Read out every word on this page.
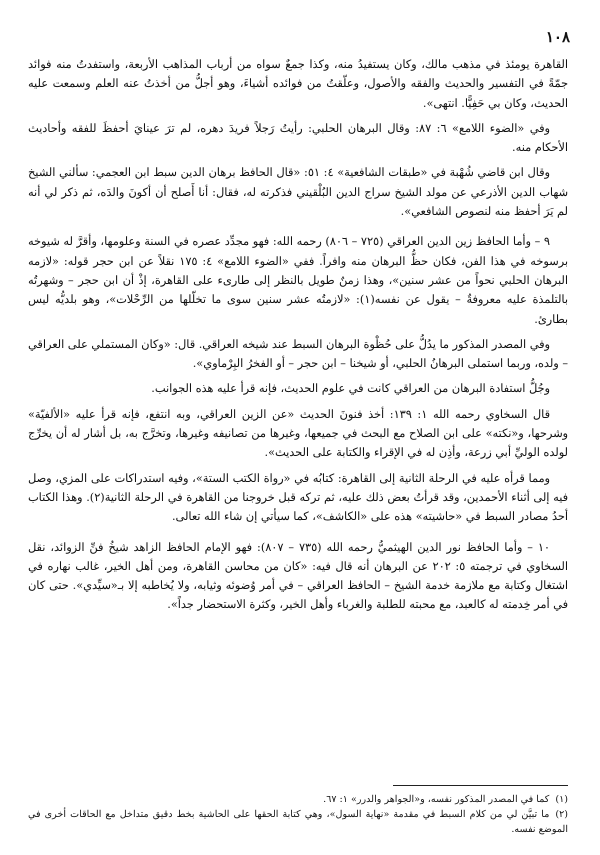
١٠٨

القاهرة يومئذ في مذهب مالك، وكان يستفيدُ منه، وكذا جمعٌ سواه من أرباب المذاهب الأربعة، واستفدتُ منه فوائد جمّةً في التفسير والحديث والفقه والأصول، وعلّقتُ من فوائده أشياءَ، وهو أجلُّ من أخذتُ عنه العلم وسمعت عليه الحديث، وكان بي حَفِيًّا. انتهى».

وفي «الضوء اللامع» ٦: ٨٧: وقال البرهان الحلبي: رأيتُ رَجلاً فريدَ دهره، لم ترَ عينايَ أحفظَ للفقه وأحاديث الأحكام منه.

وقال ابن قاضي شُهْبة في «طبقات الشافعية» ٤: ٥١: «قال الحافظ برهان الدين سبط ابن العجمي: سألني الشيخ شهاب الدين الأذرعي عن مولد الشيخ سراج الدين البُلْقيني فذكرته له، فقال: أنا أَصلح أن أكونَ والدَه، ثم ذكر لي أنه لم يَرَ أحفظ منه لنصوص الشافعي».

٩ – وأما الحافظ زين الدين العراقي (٧٢٥ – ٨٠٦) رحمه الله: فهو مجدِّد عصره في السنة وعلومها، وأقرَّ له شيوخه برسوخه في هذا الفن، فكان حظُّ البرهان منه وافراً. ففي «الضوء اللامع» ٤: ١٧٥ نقلاً عن ابن حجر قوله: «لازمه البرهان الحلبي نحواً من عشر سنين»، وهذا زمنٌ طويل بالنظر إلى طارىء على القاهرة، إذْ أن ابن حجر – وشهرتُه بالتلمذة عليه معروفةٌ – يقول عن نفسه(١): «لازمتُه عشر سنين سوى ما تخلّلها من الرِّحْلات»، وهو بلديُّه ليس بطارئ.

وفي المصدر المذكور ما يدُلُّ على حُظْوة البرهان السبط عند شيخه العراقي. قال: «وكان المستملي على العراقي – ولده، وربما استملى البرهانُ الحلبي، أو شيخنا – ابن حجر – أو الفخرُ البِرْماوي».

وجُلُّ استفادة البرهان من العراقي كانت في علوم الحديث، فإنه قرأ عليه هذه الجوانب.

قال السخاوي رحمه الله ١: ١٣٩: أخذ فنونَ الحديث «عن الزين العراقي، وبه انتفع، فإنه قرأ عليه «الألفيّة» وشرحها، و«نكته» على ابن الصلاح مع البحث في جميعها، وغيرها من تصانيفه وغيرها، وتخرَّج به، بل أشار له أن يخرِّج لولده الوليِّ أبي زرعة، وأذِن له في الإقراء والكتابة على الحديث».

ومما قرأه عليه في الرحلة الثانية إلى القاهرة: كتابُه في «رواة الكتب الستة»، وفيه استدراكات على المزي، وصل فيه إلى أثناء الأحمدين، وقد قرأتُ بعض ذلك عليه، ثم تركه قبل خروجنا من القاهرة في الرحلة الثانية(٢). وهذا الكتاب أحدُ مصادر السبط في «حاشيته» هذه على «الكاشف»، كما سيأتي إن شاء الله تعالى.

١٠ – وأما الحافظ نور الدين الهيثميُّ رحمه الله (٧٣٥ – ٨٠٧): فهو الإمام الحافظ الزاهد شيخُ فنِّ الزوائد، نقل السخاوي في ترجمته ٥: ٢٠٢ عن البرهان أنه قال فيه: «كان من محاسن القاهرة، ومن أهل الخير، غالب نهاره في اشتغال وكتابة مع ملازمة خدمة الشيخ – الحافظ العراقي – في أمر وُضوئه وثيابه، ولا يُخاطبه إلا بـ«سيِّدي». حتى كان في أمر خِدمته له كالعبد، مع محبته للطلبة والغرباء وأهل الخير، وكثرة الاستحضار جداً».

(١)كما في المصدر المذكور نفسه، و«الجواهر والدرر» ١: ٦٧.

(٢)ما تبيَّن لي من كلام السبط في مقدمة «نهاية السول»، وهي كتابة الحقها على الحاشية بخط دقيق متداخل مع الحاقات أخرى في الموضع نفسه.
